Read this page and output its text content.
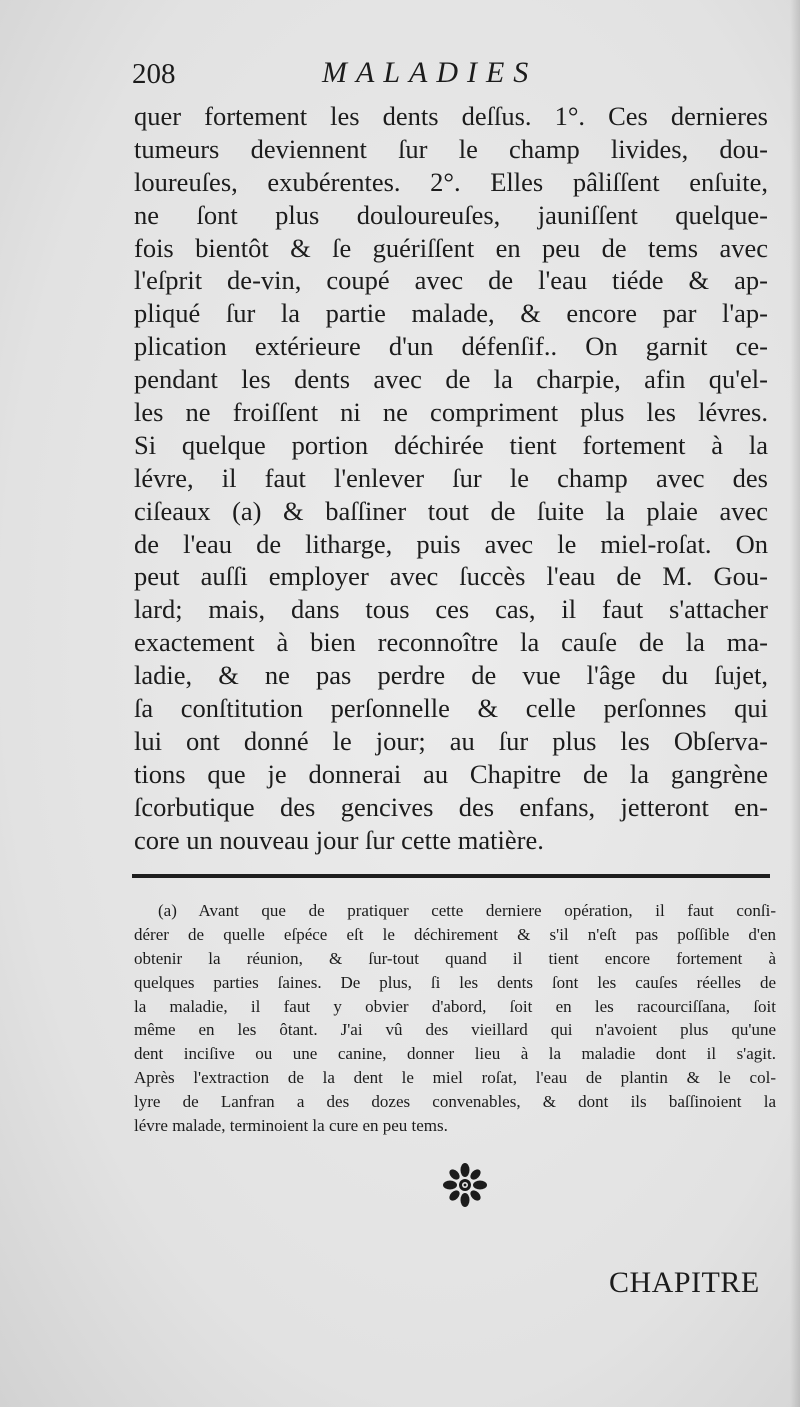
208	MALADIES
quer fortement les dents deſſus. 1°. Ces dernieres
tumeurs deviennent ſur le champ livides, dou-
loureuſes, exubérentes. 2°. Elles pâliſſent enſuite,
ne ſont plus douloureuſes, jauniſſent quelque-
fois bientôt & ſe guériſſent en peu de tems avec
l'eſprit de-vin, coupé avec de l'eau tiéde & ap-
pliqué ſur la partie malade, & encore par l'ap-
plication extérieure d'un défenſif.. On garnit ce-
pendant les dents avec de la charpie, afin qu'el-
les ne froiſſent ni ne compriment plus les lévres.
Si quelque portion déchirée tient fortement à la
lévre, il faut l'enlever ſur le champ avec des
ciſeaux (a) & baſſiner tout de ſuite la plaie avec
de l'eau de litharge, puis avec le miel-roſat. On
peut auſſi employer avec ſuccès l'eau de M. Gou-
lard; mais, dans tous ces cas, il faut s'attacher
exactement à bien reconnoître la cauſe de la ma-
ladie, & ne pas perdre de vue l'âge du ſujet,
ſa conſtitution perſonnelle & celle perſonnes qui
lui ont donné le jour; au ſur plus les Obſerva-
tions que je donnerai au Chapitre de la gangrène
ſcorbutique des gencives des enfans, jetteront en-
core un nouveau jour ſur cette matière.
(a) Avant que de pratiquer cette derniere opération, il faut conſi-
dérer de quelle eſpéce eſt le déchirement & s'il n'eſt pas poſſible d'en
obtenir la réunion, & ſur-tout quand il tient encore fortement à
quelques parties ſaines. De plus, ſi les dents ſont les cauſes réelles de
la maladie, il faut y obvier d'abord, ſoit en les racourciſſana, ſoit
même en les ôtant. J'ai vû des vieillard qui n'avoient plus qu'une
dent inciſive ou une canine, donner lieu à la maladie dont il s'agit.
Après l'extraction de la dent le miel roſat, l'eau de plantin & le col-
lyre de Lanfran a des dozes convenables, & dont ils baſſinoient la
lévre malade, terminoient la cure en peu tems.
CHAPITRE
